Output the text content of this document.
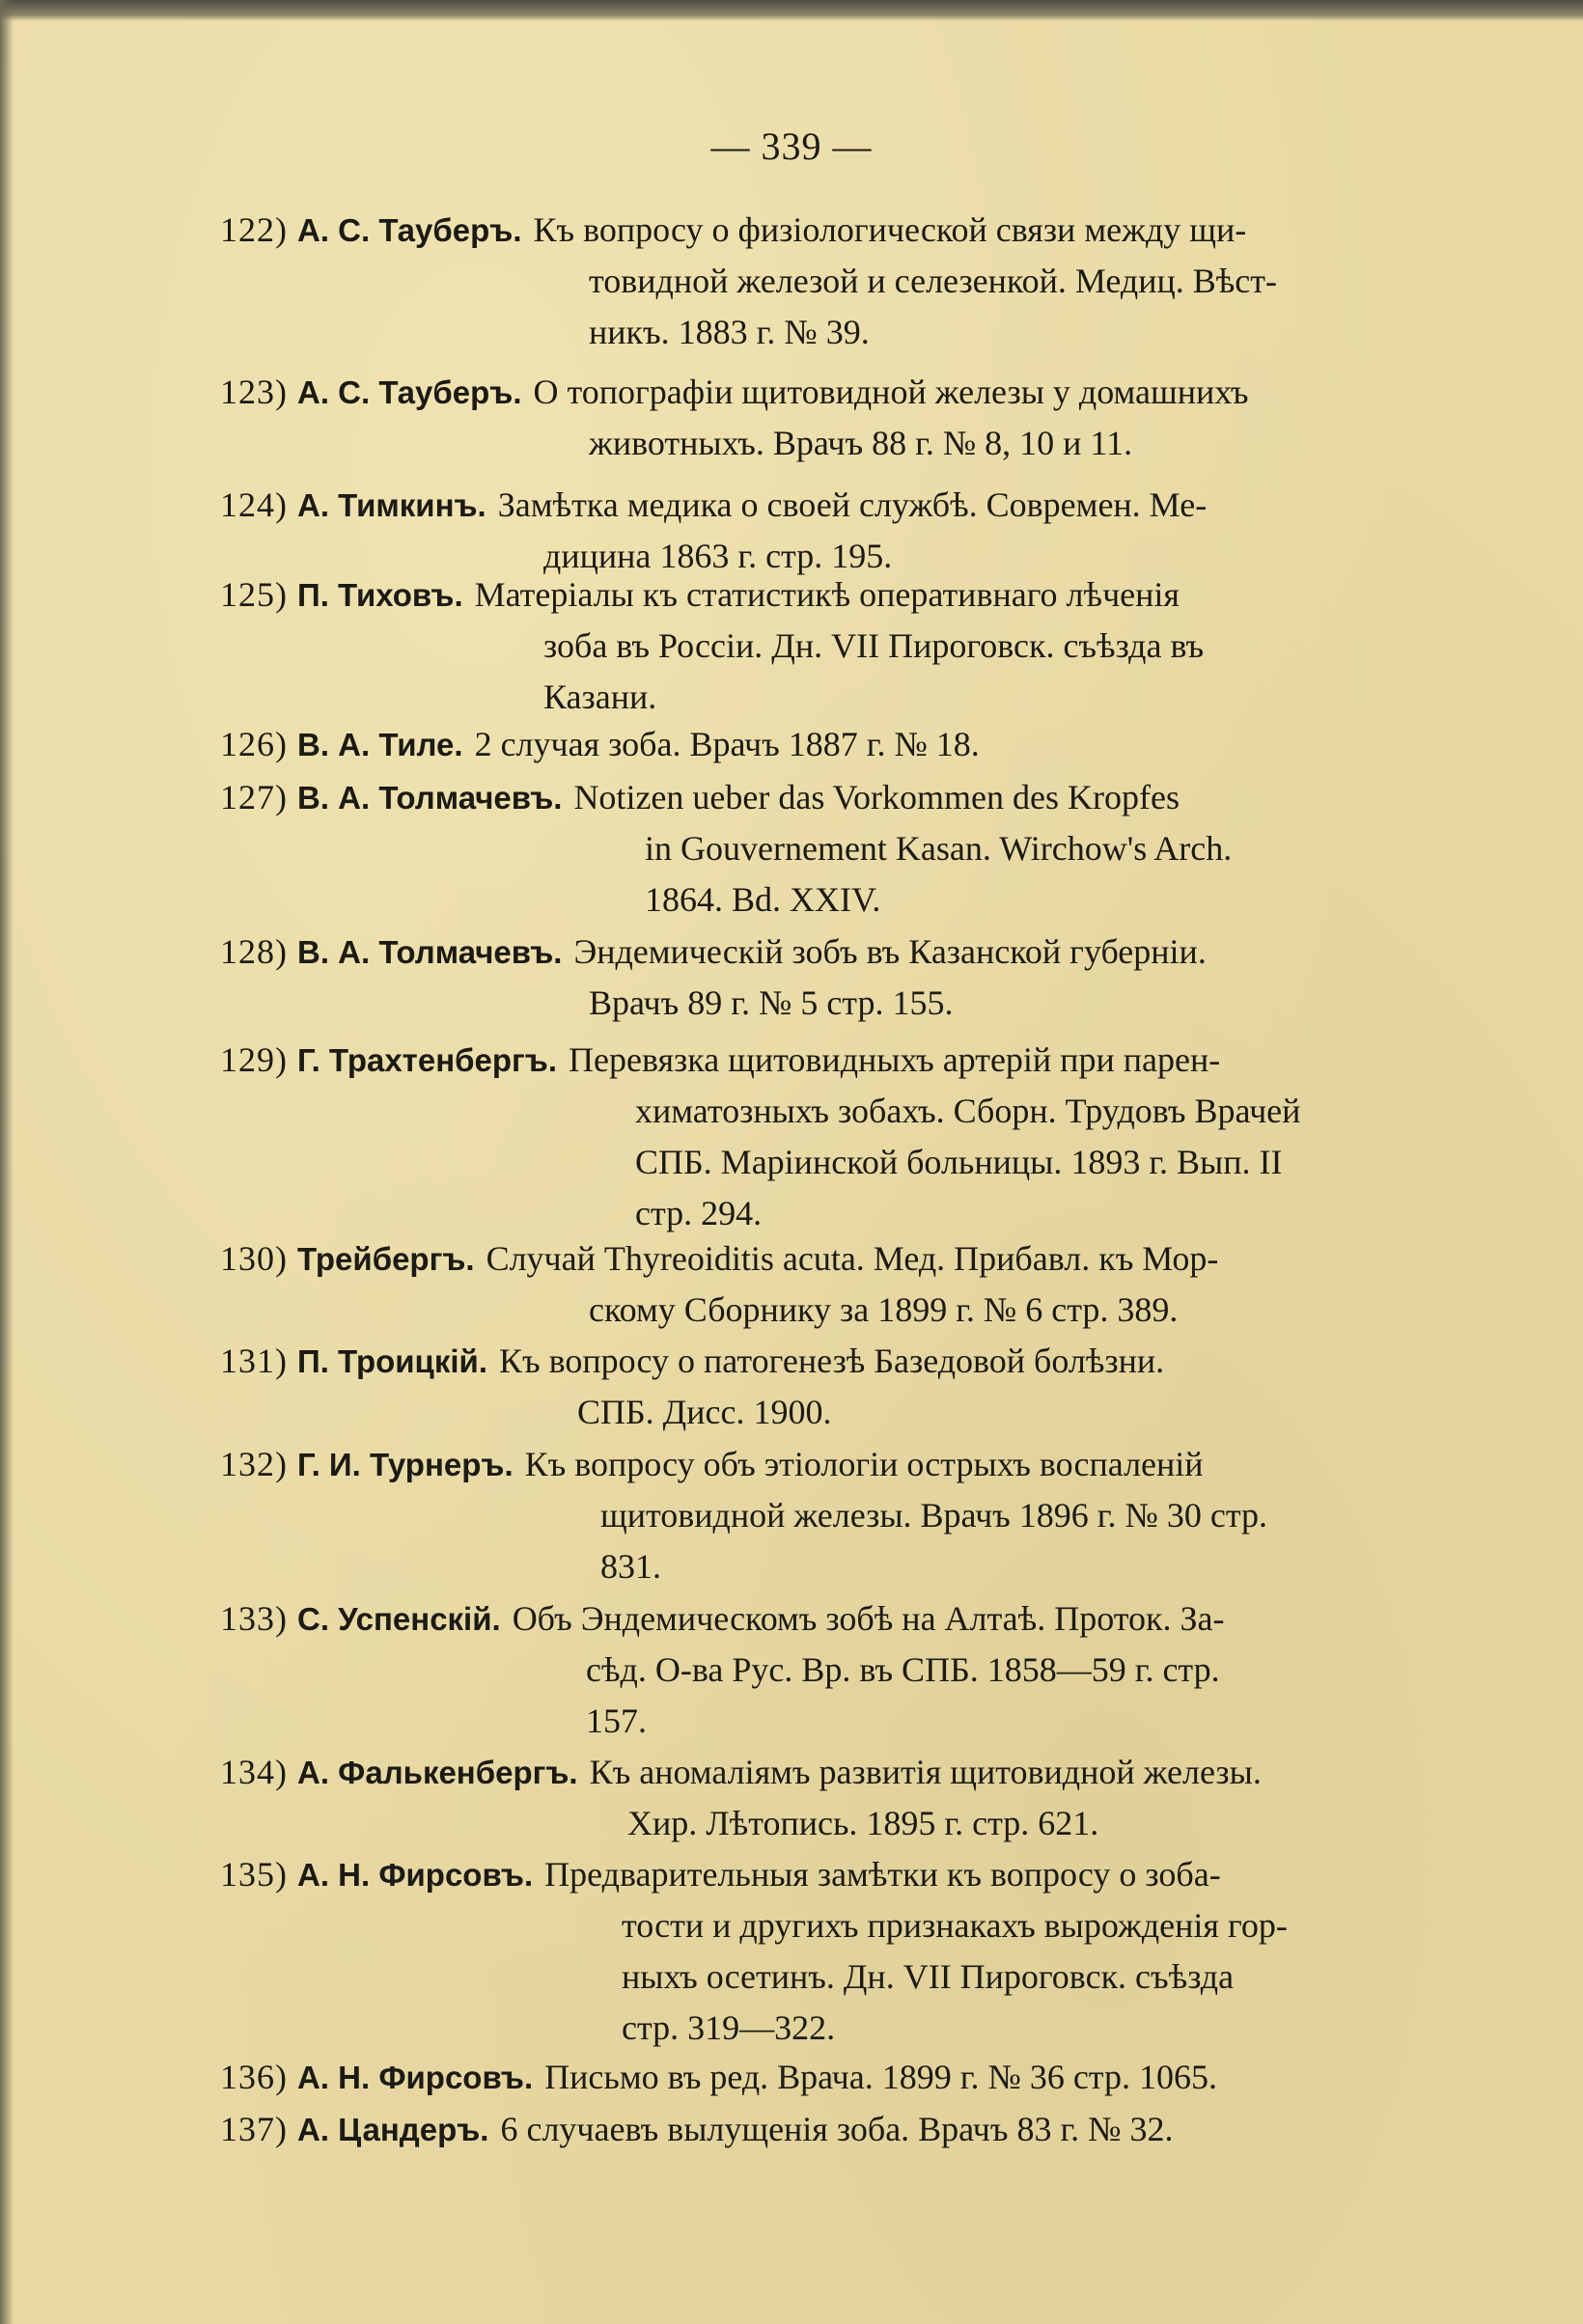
— 339 —
122) А. С. Тауберъ. Къ вопросу о физіологической связи между щи-
товидной железой и селезенкой. Медиц. Вѣст-
никъ. 1883 г. № 39.
123) А. С. Тауберъ. О топографіи щитовидной железы у домашнихъ
животныхъ. Врачъ 88 г. № 8, 10 и 11.
124) А. Тимкинъ. Замѣтка медика о своей службѣ. Современ. Ме-
дицина 1863 г. стр. 195.
125) П. Тиховъ. Матеріалы къ статистикѣ оперативнаго лѣченія
зоба въ Россіи. Дн. VII Пироговск. съѣзда въ
Казани.
126) В. А. Тиле. 2 случая зоба. Врачъ 1887 г. № 18.
127) В. А. Толмачевъ. Notizen ueber das Vorkommen des Kropfes
in Gouvernement Kasan. Wirchow's Arch.
1864. Bd. XXIV.
128) В. А. Толмачевъ. Эндемическій зобъ въ Казанской губерніи.
Врачъ 89 г. № 5 стр. 155.
129) Г. Трахтенбергъ. Перевязка щитовидныхъ артерій при парен-
химатозныхъ зобахъ. Сборн. Трудовъ Врачей
СПБ. Маріинской больницы. 1893 г. Вып. II
стр. 294.
130) Трейбергъ. Случай Thyreoiditis acuta. Мед. Прибавл. къ Мор-
скому Сборнику за 1899 г. № 6 стр. 389.
131) П. Троицкій. Къ вопросу о патогенезѣ Базедовой болѣзни.
СПБ. Дисс. 1900.
132) Г. И. Турнеръ. Къ вопросу объ этіологіи острыхъ воспаленій
щитовидной железы. Врачъ 1896 г. № 30 стр.
831.
133) С. Успенскій. Объ Эндемическомъ зобѣ на Алтаѣ. Проток. За-
сѣд. О-ва Рус. Вр. въ СПБ. 1858—59 г. стр.
157.
134) А. Фалькенбергъ. Къ аномаліямъ развитія щитовидной железы.
Хир. Лѣтопись. 1895 г. стр. 621.
135) А. Н. Фирсовъ. Предварительныя замѣтки къ вопросу о зоба-
тости и другихъ признакахъ вырожденія гор-
ныхъ осетинъ. Дн. VII Пироговск. съѣзда
стр. 319—322.
136) А. Н. Фирсовъ. Письмо въ ред. Врача. 1899 г. № 36 стр. 1065.
137) А. Цандеръ. 6 случаевъ вылущенія зоба. Врачъ 83 г. № 32.
